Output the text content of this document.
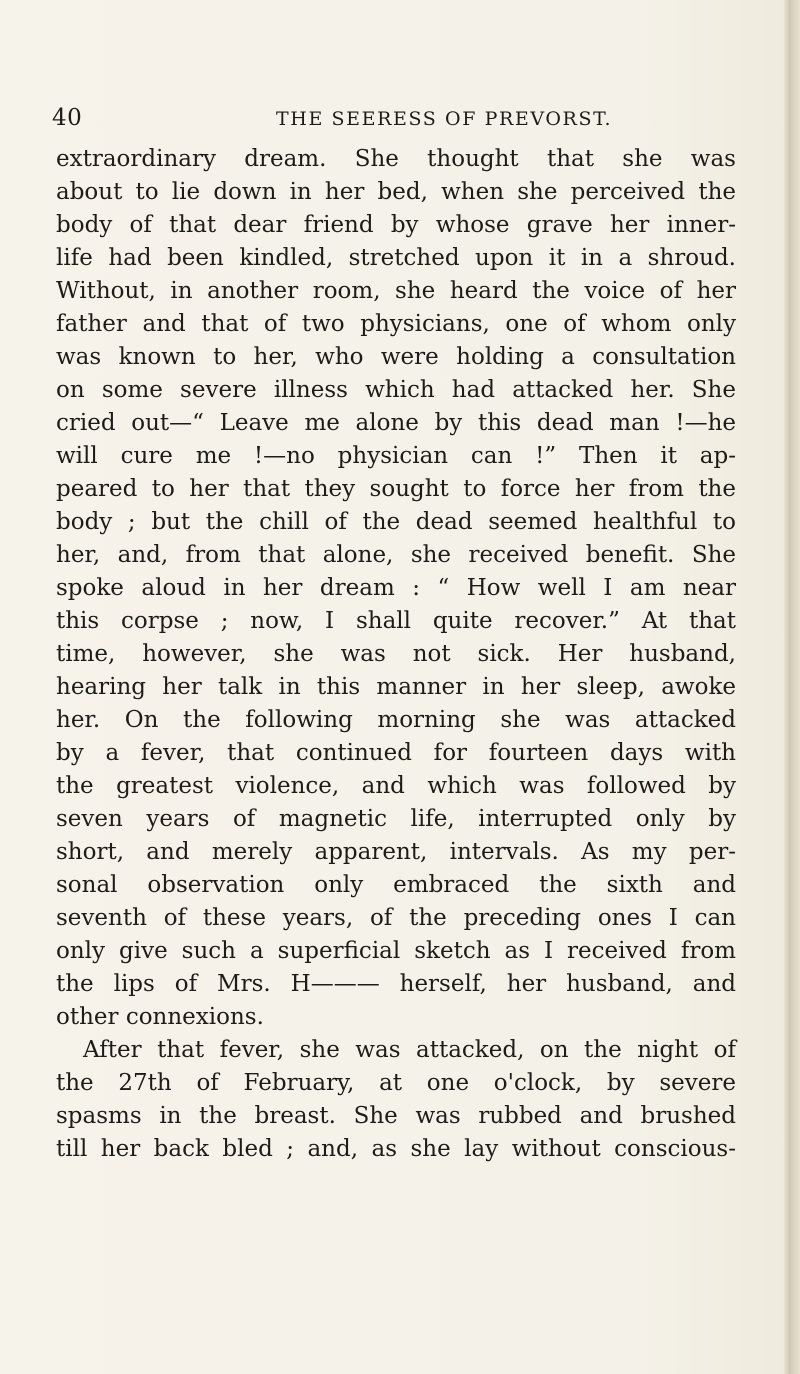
40	THE SEERESS OF PREVORST.
extraordinary dream. She thought that she was
about to lie down in her bed, when she perceived the
body of that dear friend by whose grave her inner-
life had been kindled, stretched upon it in a shroud.
Without, in another room, she heard the voice of her
father and that of two physicians, one of whom only
was known to her, who were holding a consultation
on some severe illness which had attacked her. She
cried out—“ Leave me alone by this dead man !—he
will cure me !—no physician can !” Then it ap-
peared to her that they sought to force her from the
body ; but the chill of the dead seemed healthful to
her, and, from that alone, she received benefit. She
spoke aloud in her dream : “ How well I am near
this corpse ; now, I shall quite recover.” At that
time, however, she was not sick. Her husband,
hearing her talk in this manner in her sleep, awoke
her. On the following morning she was attacked
by a fever, that continued for fourteen days with
the greatest violence, and which was followed by
seven years of magnetic life, interrupted only by
short, and merely apparent, intervals. As my per-
sonal observation only embraced the sixth and
seventh of these years, of the preceding ones I can
only give such a superficial sketch as I received from
the lips of Mrs. H——— herself, her husband, and
other connexions.
After that fever, she was attacked, on the night of
the 27th of February, at one o'clock, by severe
spasms in the breast. She was rubbed and brushed
till her back bled ; and, as she lay without conscious-
